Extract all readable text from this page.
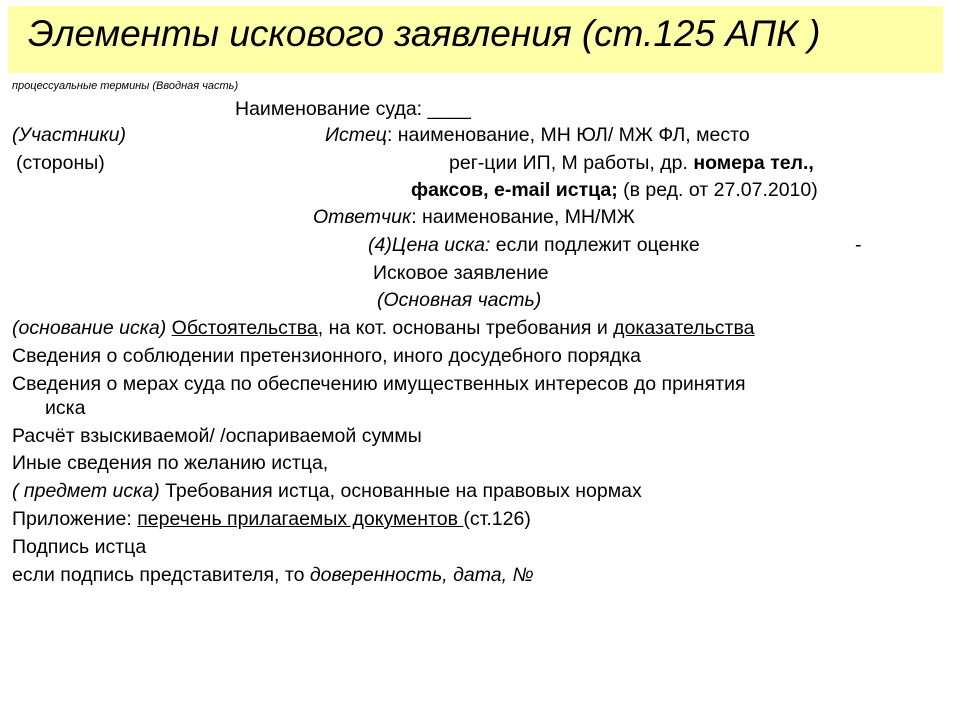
Элементы искового заявления (ст.125 АПК )
процессуальные термины (Вводная часть)
Наименование суда: ____
(Участники)	Истец: наименование, МН ЮЛ/ МЖ ФЛ, место
(стороны)	рег-ции ИП, М работы, др. номера тел.,
факсов, e-mail истца; (в ред. от 27.07.2010)
Ответчик: наименование, МН/МЖ
(4)Цена иска: если подлежит оценке	-
Исковое заявление
(Основная часть)
(основание иска) Обстоятельства, на кот. основаны требования и доказательства
Сведения о соблюдении претензионного, иного досудебного порядка
Сведения о мерах суда по обеспечению имущественных интересов до принятия
иска
Расчёт взыскиваемой/ /оспариваемой суммы
Иные сведения по желанию истца,
( предмет иска) Требования истца, основанные на правовых нормах
Приложение: перечень прилагаемых документов (ст.126)
Подпись истца
если подпись представителя, то доверенность, дата, №
